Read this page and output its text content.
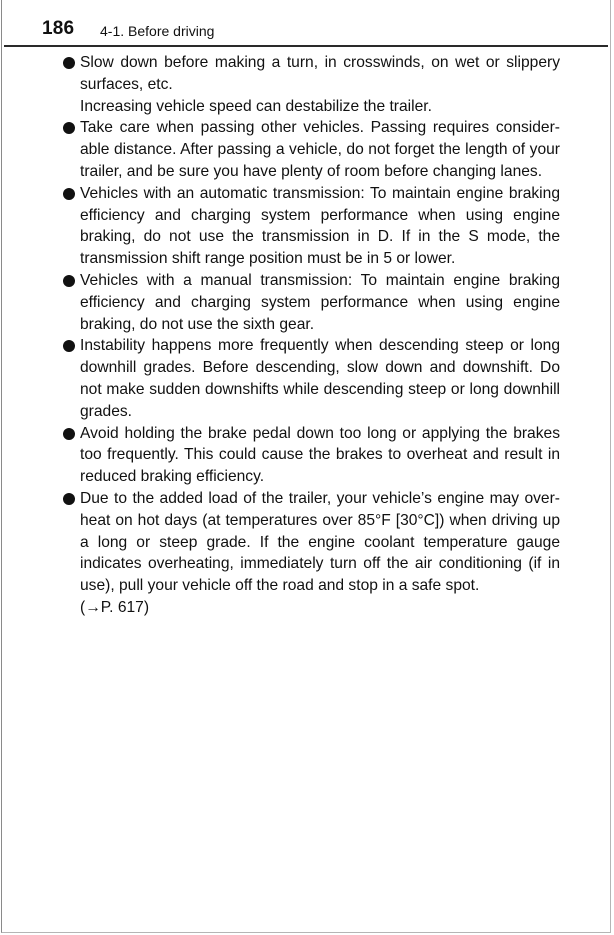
186 4-1. Before driving
Slow down before making a turn, in crosswinds, on wet or slippery surfaces, etc.
Increasing vehicle speed can destabilize the trailer.
Take care when passing other vehicles. Passing requires considerable distance. After passing a vehicle, do not forget the length of your trailer, and be sure you have plenty of room before changing lanes.
Vehicles with an automatic transmission: To maintain engine braking efficiency and charging system performance when using engine braking, do not use the transmission in D. If in the S mode, the transmission shift range position must be in 5 or lower.
Vehicles with a manual transmission: To maintain engine braking efficiency and charging system performance when using engine braking, do not use the sixth gear.
Instability happens more frequently when descending steep or long downhill grades. Before descending, slow down and downshift. Do not make sudden downshifts while descending steep or long downhill grades.
Avoid holding the brake pedal down too long or applying the brakes too frequently. This could cause the brakes to overheat and result in reduced braking efficiency.
Due to the added load of the trailer, your vehicle’s engine may overheat on hot days (at temperatures over 85°F [30°C]) when driving up a long or steep grade. If the engine coolant temperature gauge indicates overheating, immediately turn off the air conditioning (if in use), pull your vehicle off the road and stop in a safe spot.
(→P. 617)
